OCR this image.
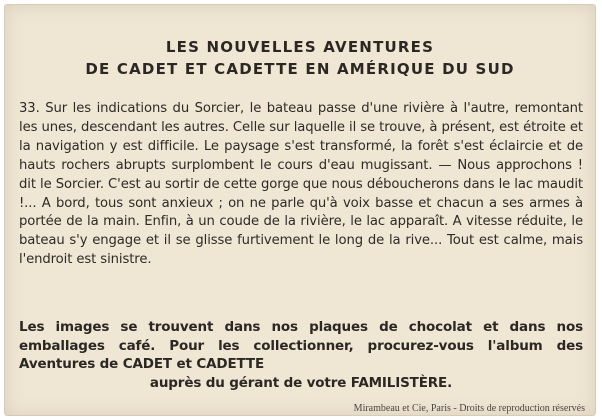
LES NOUVELLES AVENTURES
DE CADET ET CADETTE EN AMÉRIQUE DU SUD
33. Sur les indications du Sorcier, le bateau passe d'une rivière à l'autre, remontant les unes, descendant les autres. Celle sur laquelle il se trouve, à présent, est étroite et la navigation y est difficile. Le paysage s'est transformé, la forêt s'est éclaircie et de hauts rochers abrupts surplombent le cours d'eau mugissant. — Nous approchons ! dit le Sorcier. C'est au sortir de cette gorge que nous déboucherons dans le lac maudit !... A bord, tous sont anxieux ; on ne parle qu'à voix basse et chacun a ses armes à portée de la main. Enfin, à un coude de la rivière, le lac apparaît. A vitesse réduite, le bateau s'y engage et il se glisse furtivement le long de la rive... Tout est calme, mais l'endroit est sinistre.
Les images se trouvent dans nos plaques de chocolat et dans nos emballages café. Pour les collectionner, procurez-vous l'album des Aventures de CADET et CADETTE
auprès du gérant de votre FAMILISTÈRE.
Mirambeau et Cie, Paris - Droits de reproduction réservés
